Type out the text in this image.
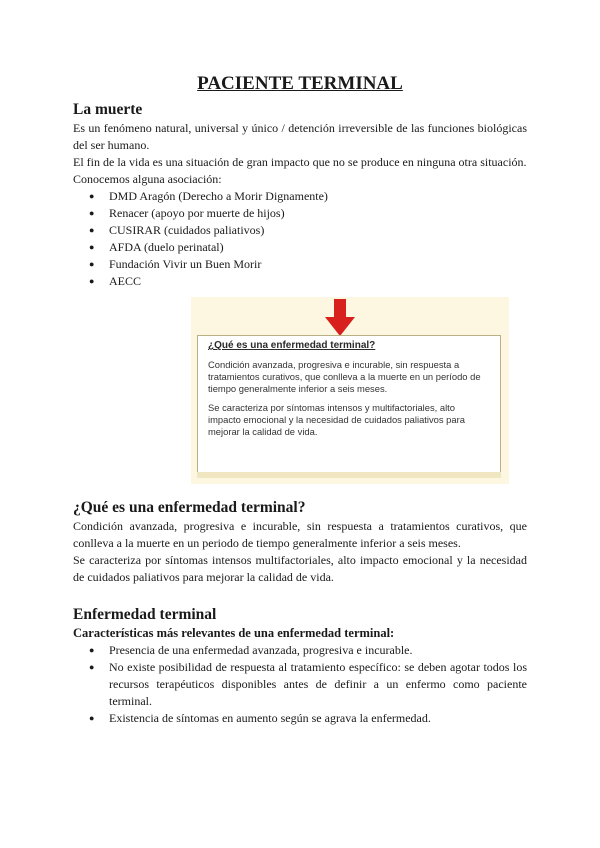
PACIENTE TERMINAL
La muerte

Es un fenómeno natural, universal y único / detención irreversible de las funciones biológicas del ser humano.

El fin de la vida es una situación de gran impacto que no se produce en ninguna otra situación.

Conocemos alguna asociación:

● DMD Aragón (Derecho a Morir Dignamente)
● Renacer (apoyo por muerte de hijos)
● CUSIRAR (cuidados paliativos)
● AFDA (duelo perinatal)
● Fundación Vivir un Buen Morir
● AECC
¿Qué es una enfermedad terminal?
Condición avanzada, progresiva e incurable, sin respuesta a tratamientos curativos, que conlleva a la muerte en un período de tiempo generalmente inferior a seis meses.
Se caracteriza por síntomas intensos y multifactoriales, alto impacto emocional y la necesidad de cuidados paliativos para mejorar la calidad de vida.
¿Qué es una enfermedad terminal?

Condición avanzada, progresiva e incurable, sin respuesta a tratamientos curativos, que conlleva a la muerte en un periodo de tiempo generalmente inferior a seis meses.

Se caracteriza por síntomas intensos multifactoriales, alto impacto emocional y la necesidad de cuidados paliativos para mejorar la calidad de vida.

Enfermedad terminal
Características más relevantes de una enfermedad terminal:
● Presencia de una enfermedad avanzada, progresiva e incurable.
● No existe posibilidad de respuesta al tratamiento específico: se deben agotar todos los recursos terapéuticos disponibles antes de definir a un enfermo como paciente terminal.
● Existencia de síntomas en aumento según se agrava la enfermedad.
